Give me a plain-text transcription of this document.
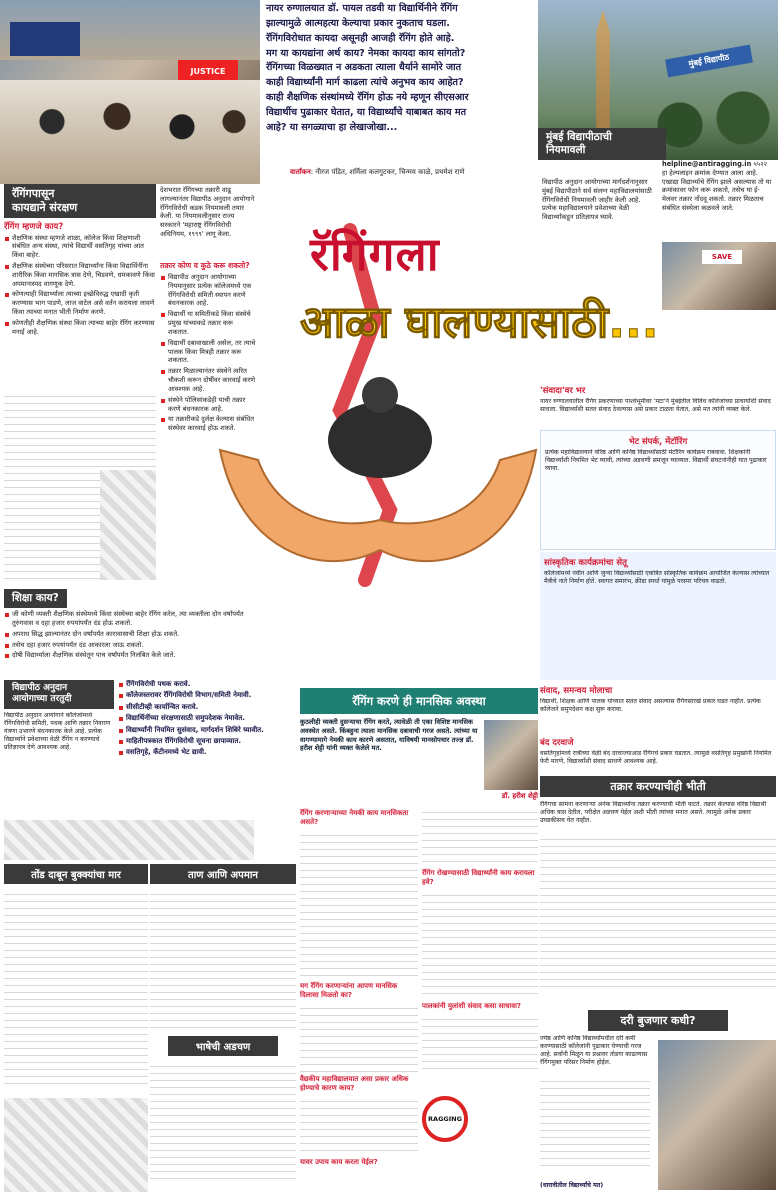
JUSTICE
नायर रुग्णालयात डॉ. पायल तडवी या विद्यार्थिनीने रॅगिंग
झाल्यामुळे आत्महत्या केल्याचा प्रकार नुकताच घडला.
रॅगिंगविरोधात कायदा असूनही आजही रॅगिंग होते आहे.
मग या कायद्यांना अर्थ काय? नेमका कायदा काय सांगतो?
रॅगिंगच्या विळख्यात न अडकता त्याला धैर्याने सामोरे जात
काही विद्यार्थ्यांनी मार्ग काढला त्यांचे अनुभव काय आहेत?
काही शैक्षणिक संस्थांमध्ये रॅगिंग होऊ नये म्हणून सीएसआर
विद्यार्थीच पुढाकार घेतात, या विद्यार्थ्यांचे याबाबत काय मत
आहे? या सगळ्याचा हा लेखाजोखा...
वार्तांकन: नीरज पंडित, शर्मिला कलगुटकर, चिन्मय काळे, प्रथमेश राणे
मुंबई विद्यापीठ
रॅगिंगपासून
कायद्याने संरक्षण
रॅगिंग म्हणजे काय?
शैक्षणिक संस्था म्हणजे शाळा, कॉलेज किंवा शिक्षणाशी संबंधित अन्य संस्था, त्यांचे विद्यार्थी वसतिगृह यांच्या आत किंवा बाहेर.
शैक्षणिक संस्थेच्या परिसरात विद्यार्थ्यांना किंवा विद्यार्थिनींना शारीरिक किंवा मानसिक त्रास देणे, चिडवणे, धमकावणे किंवा अपमानास्पद वागणूक देणे.
कोणत्याही विद्यार्थ्याला त्याच्या इच्छेविरुद्ध एखादी कृती करण्यास भाग पाडणे, लाज वाटेल असे वर्तन करायला लावणे किंवा त्याच्या मनात भीती निर्माण करणे.
कोणतीही शैक्षणिक संस्था किंवा त्याच्या बाहेर रॅगिंग करण्यास मनाई आहे.
देशभरात रॅगिंगच्या तक्रारी वाढू लागल्यानंतर विद्यापीठ अनुदान आयोगाने रॅगिंगविरोधी कडक नियमावली तयार केली. या नियमावलीनुसार राज्य सरकारने 'महाराष्ट्र रॅगिंगविरोधी अधिनियम, १९९९' लागू केला.
तक्रार कोण व कुठे करू शकतो?
विद्यापीठ अनुदान आयोगाच्या नियमानुसार प्रत्येक कॉलेजमध्ये एक रॅगिंगविरोधी समिती स्थापन करणे बंधनकारक आहे.
विद्यार्थी या समितीकडे किंवा संस्थेचे प्रमुख यांच्याकडे तक्रार करू शकतात.
विद्यार्थी दबावाखाली असेल, तर त्याचे पालक किंवा मित्रही तक्रार करू शकतात.
तक्रार मिळाल्यानंतर संस्थेने त्वरित चौकशी करून दोषींवर कारवाई करणे आवश्यक आहे.
संस्थेने पोलिसांकडेही याची तक्रार करणे बंधनकारक आहे.
या तक्रारीकडे दुर्लक्ष केल्यास संबंधित संस्थेवर कारवाई होऊ शकते.
रॅगिंगला
आळा घालण्यासाठी...
मुंबई विद्यापीठाची
नियमावली
विद्यापीठ अनुदान आयोगाच्या मार्गदर्शनानुसार मुंबई विद्यापीठाने सर्व संलग्न महाविद्यालयांसाठी रॅगिंगविरोधी नियमावली जाहीर केली आहे. प्रत्येक महाविद्यालयाने प्रवेशाच्या वेळी विद्यार्थ्यांकडून प्रतिज्ञापत्र घ्यावे.
helpline@antiragging.in ५५२२ हा हेल्पलाइन क्रमांक देण्यात आला आहे. एखाद्या विद्यार्थ्याचे रॅगिंग झाले असल्यास तो या क्रमांकावर फोन करू शकतो, तसेच या ई-मेलवर तक्रार नोंदवू शकतो. तक्रार मिळताच संबंधित संस्थेला कळवले जाते.
SAVE
'संवादा'वर भर
नायर रुग्णालयातील रॅगिंग प्रकरणाच्या पार्श्वभूमीवर 'मटा'ने मुंबईतील विविध कॉलेजांच्या प्राचार्यांशी संवाद साधला. विद्यार्थ्यांशी सतत संवाद ठेवल्यास असे प्रकार टाळता येतात, असे मत त्यांनी व्यक्त केले.
भेट संपर्क, मेंटॉरिंग
प्रत्येक महाविद्यालयाने वरिष्ठ आणि कनिष्ठ विद्यार्थ्यांसाठी मेंटॉरिंग कार्यक्रम राबवावा. शिक्षकांनी विद्यार्थ्यांशी नियमित भेट घ्यावी, त्यांच्या अडचणी समजून घ्याव्यात. विद्यार्थी संघटनांनीही यात पुढाकार घ्यावा.
सांस्कृतिक कार्यक्रमांचा सेतू
कॉलेजांमध्ये नवीन आणि जुन्या विद्यार्थ्यांसाठी एकत्रित सांस्कृतिक कार्यक्रम आयोजित केल्यास त्यांच्यात मैत्रीचे नाते निर्माण होते. स्वागत समारंभ, क्रीडा स्पर्धा यांमुळे परस्पर परिचय वाढतो.
संवाद, समन्वय मोलाचा
विद्यार्थी, शिक्षक आणि पालक यांच्यात सतत संवाद असल्यास रॅगिंगसारखे प्रकार घडत नाहीत. प्रत्येक कॉलेजने समुपदेशन कक्ष सुरू करावा.
बंद दरवाजे
वसतिगृहांमध्ये रात्रीच्या वेळी बंद दरवाज्याआड रॅगिंगचे प्रकार घडतात. त्यामुळे वसतिगृह प्रमुखांनी नियमित फेरी मारणे, विद्यार्थ्यांशी संवाद साधणे आवश्यक आहे.
शिक्षा काय?
जी कोणी व्यक्ती शैक्षणिक संस्थेमध्ये किंवा संस्थेच्या बाहेर रॅगिंग करेल, त्या व्यक्तीला दोन वर्षांपर्यंत तुरुंगवास व दहा हजार रुपयांपर्यंत दंड होऊ शकतो.
अपराध सिद्ध झाल्यानंतर दोन वर्षांपर्यंत कारावासाची शिक्षा होऊ शकते.
तसेच दहा हजार रुपयांपर्यंत दंड आकारला जाऊ शकतो.
दोषी विद्यार्थ्याला शैक्षणिक संस्थेतून पाच वर्षांपर्यंत निलंबित केले जाते.
विद्यापीठ अनुदान
आयोगाच्या तरतुदी
विद्यापीठ अनुदान आयोगाने कॉलेजांमध्ये रॅगिंगविरोधी समिती, पथक आणि तक्रार निवारण यंत्रणा उभारणे बंधनकारक केले आहे. प्रत्येक विद्यार्थ्याने प्रवेशाच्या वेळी रॅगिंग न करण्याचे प्रतिज्ञापत्र देणे आवश्यक आहे.
रॅगिंगविरोधी पथक करावे.
कॉलेजस्तरावर रॅगिंगविरोधी विभाग/समिती नेमावी.
सीसीटीव्ही कार्यान्वित करावे.
विद्यार्थिनींच्या संरक्षणासाठी समुपदेशक नेमावेत.
विद्यार्थ्यांनी नियमित सुसंवाद, मार्गदर्शन शिबिरे घ्यावीत.
माहितीपत्रकात रॅगिंगविरोधी सूचना छापाव्यात.
वसतिगृहे, कँटीनमध्ये भेट द्यावी.
रॅगिंग करणे ही मानसिक अवस्था
कुठलीही व्यक्ती दुसऱ्याचा रॅगिंग करते, त्यावेळी ती एका विशिष्ट मानसिक अवस्थेत असते. किंबहुना त्याला मानसिक दबावाची गरज असते. त्यांच्या या वागण्यामागे नेमकी काय कारणे असतात, याविषयी मानसोपचार तज्ज्ञ डॉ. हरीश शेट्टी यांनी व्यक्त केलेले मत.
डॉ. हरीश शेट्टी
रॅगिंग करणाऱ्याच्या नेमकी काय मानसिकता असते?
मग रॅगिंग करणाऱ्यांना आपण मानसिक दिलासा मिळतो का?
वैद्यकीय महाविद्यालयात असा प्रकार अधिक होण्याचे कारण काय?
यावर उपाय काय करता येईल?
रॅगिंग रोखण्यासाठी विद्यार्थ्यांनी काय करायला हवे?
पालकांनी मुलांशी संवाद कसा साधावा?
RAGGING
तोंड दाबून बुक्क्यांचा मार	ताण आणि अपमान
भाषेची अडचण
तक्रार करण्याचीही भीती
रॅगिंगचा सामना करणाऱ्या अनेक विद्यार्थ्यांना तक्रार करण्याची भीती वाटते. तक्रार केल्यास वरिष्ठ विद्यार्थी अधिक त्रास देतील, परीक्षेत अडचण येईल अशी भीती त्यांच्या मनात असते. त्यामुळे अनेक प्रकार उघडकीसच येत नाहीत.
दरी बुजणार कधी?
ज्येष्ठ आणि कनिष्ठ विद्यार्थ्यांमधील दरी कमी करण्यासाठी कॉलेजांनी पुढाकार घेण्याची गरज आहे. सर्वांनी मिळून या प्रश्नावर तोडगा काढल्यास रॅगिंगमुक्त परिसर निर्माण होईल.
(धारावीतील विद्यार्थ्यांचे मत)
